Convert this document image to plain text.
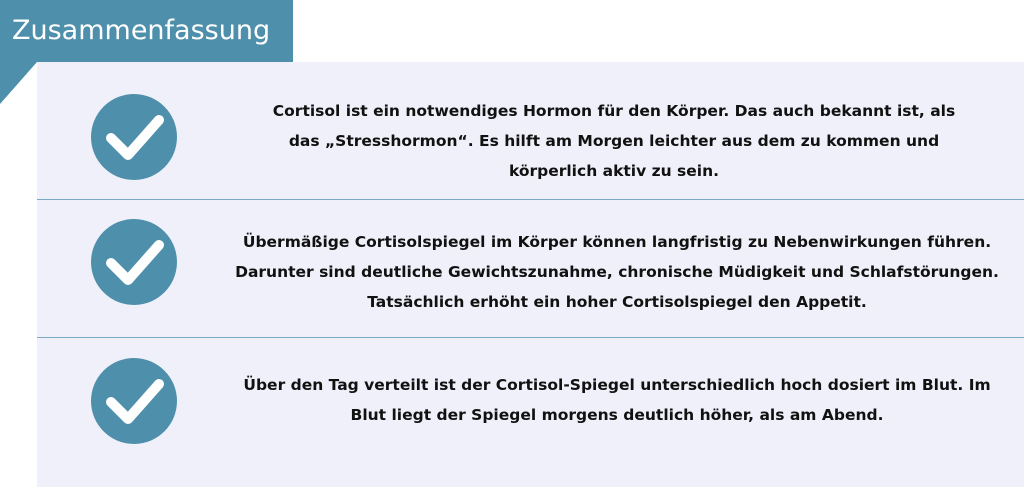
Zusammenfassung
Cortisol ist ein notwendiges Hormon für den Körper. Das auch bekannt ist, als das „Stresshormon“. Es hilft am Morgen leichter aus dem zu kommen und körperlich aktiv zu sein.
Übermäßige Cortisolspiegel im Körper können langfristig zu Nebenwirkungen führen. Darunter sind deutliche Gewichtszunahme, chronische Müdigkeit und Schlafstörungen. Tatsächlich erhöht ein hoher Cortisolspiegel den Appetit.
Über den Tag verteilt ist der Cortisol-Spiegel unterschiedlich hoch dosiert im Blut. Im Blut liegt der Spiegel morgens deutlich höher, als am Abend.
